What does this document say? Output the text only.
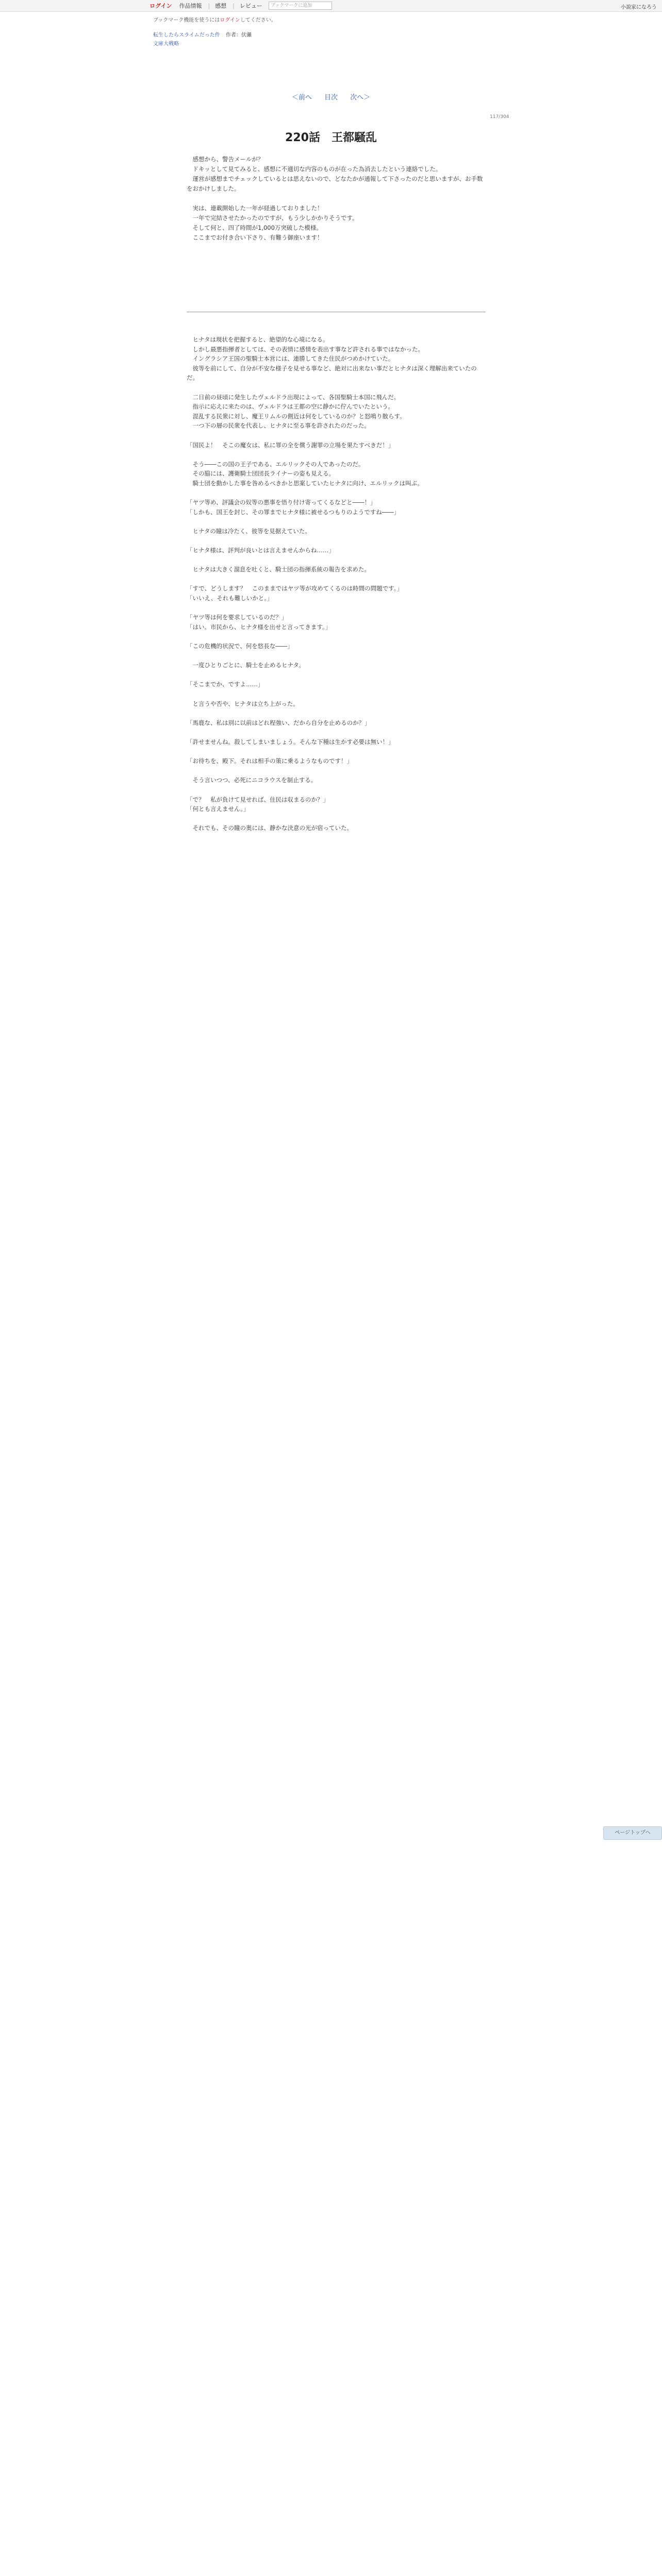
ログイン 作品情報 | 感想 | レビュー	ブックマークに追加	小説家になろう
ブックマーク機能を使うにはログインしてください。
転生したらスライムだった件 作者：伏瀬
文庫大戦略
＜前へ 目次 次へ＞
117/304
220話　王都騒乱

　感想から、警告メールが？

　ドキッとして見てみると、感想に不適切な内容のものが在った為消去したという連絡でした。

　運営が感想までチェックしているとは思えないので、どなたかが通報して下さったのだと思いますが、お手数をおかけしました。

　実は、連載開始した一年が経過しておりました！

　一年で完結させたかったのですが、もう少しかかりそうです。

　そして何と、四了時間が1,000万突破した模様。

　ここまでお付き合い下さり、有難う御座います！

　ヒナタは現状を把握すると、絶望的な心境になる。

　しかし最悪指揮者としては、その表情に感情を表出す事など許される事ではなかった。

　イングラシア王国の聖騎士本営には、連勝してきた住民がつめかけていた。

　彼等を前にして、自分が不安な様子を見せる事など、絶対に出来ない事だとヒナタは深く理解出来ていたのだ。

　二日前の昼頃に発生したヴェルドラ出現によって、各国聖騎士本国に飛んだ。

　指示に応えに来たのは、ヴェルドラは王都の空に静かに佇んでいたという。

　混乱する民衆に対し、魔王リムルの側近は何をしているのか？と怒鳴り散らす。

　一つ下の層の民衆を代表し、ヒナタに至る事を許されたのだった。

「国民よ！　そこの魔女は、私に罪の全を償う謝罪の立場を果たすべきだ！」

　そう――この国の王子である、エルリックその人であったのだ。

　その脇には、護衛騎士団団長ライナーの姿も見える。

　騎士団を動かした事を咎めるべきかと思案していたヒナタに向け、エルリックは叫ぶ。

「ヤツ等め、評議会の奴等の悪事を悟り付け寄ってくるなどと――！」

「しかも、国王を封じ、その罪までヒナタ様に被せるつもりのようですね――」

　ヒナタの瞳は冷たく、彼等を見据えていた。

「ヒナタ様は、評判が良いとは言えませんからね……」

　ヒナタは大きく溜息を吐くと、騎士団の指揮系統の報告を求めた。

「すで、どうします？　このままではヤツ等が攻めてくるのは時間の問題です。」

「いいえ、それも難しいかと。」

「ヤツ等は何を要求しているのだ？」

「はい。市民から、ヒナタ様を出せと言ってきます。」

「この危機的状況で、何を悠長な――」

　一度ひとりごとに、騎士を止めるヒナタ。

「そこまでか、ですよ……」

　と言うや否や、ヒナタは立ち上がった。

「馬鹿な、私は別に以前はどれ程強い、だから自分を止めるのか？」

「許せませんね。殺してしまいましょう。そんな下種は生かす必要は無い！」

「お待ちを、殿下。それは相手の策に乗るようなものです！」

　そう言いつつ、必死にニコラウスを制止する。

「で？　私が負けて見せれば、住民は収まるのか？」

「何とも言えません。」

　それでも、その瞳の奥には、静かな決意の光が宿っていた。

ページトップへ
